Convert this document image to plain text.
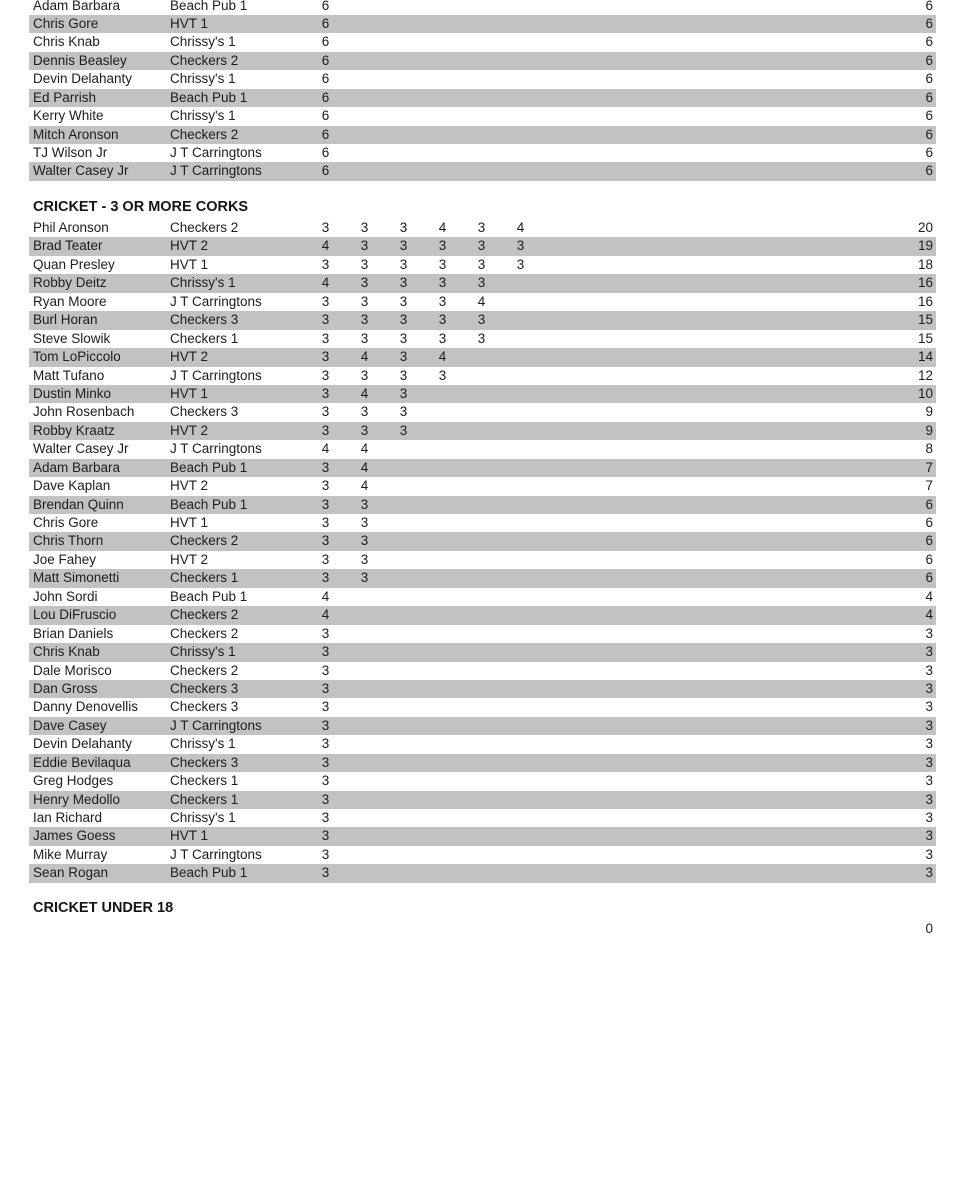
Adam Barbara	Beach Pub 1	6	6
Chris Gore	HVT 1	6	6
Chris Knab	Chrissy's 1	6	6
Dennis Beasley	Checkers 2	6	6
Devin Delahanty	Chrissy's 1	6	6
Ed Parrish	Beach Pub 1	6	6
Kerry White	Chrissy's 1	6	6
Mitch Aronson	Checkers 2	6	6
TJ Wilson Jr	J T Carringtons	6	6
Walter Casey Jr	J T Carringtons	6	6
CRICKET - 3 OR MORE CORKS
Phil Aronson	Checkers 2	3	3	3	4	3	4	20
Brad Teater	HVT 2	4	3	3	3	3	3	19
Quan Presley	HVT 1	3	3	3	3	3	3	18
Robby Deitz	Chrissy's 1	4	3	3	3	3	16
Ryan Moore	J T Carringtons	3	3	3	3	4	16
Burl Horan	Checkers 3	3	3	3	3	3	15
Steve Slowik	Checkers 1	3	3	3	3	3	15
Tom LoPiccolo	HVT 2	3	4	3	4	14
Matt Tufano	J T Carringtons	3	3	3	3	12
Dustin Minko	HVT 1	3	4	3	10
John Rosenbach	Checkers 3	3	3	3	9
Robby Kraatz	HVT 2	3	3	3	9
Walter Casey Jr	J T Carringtons	4	4	8
Adam Barbara	Beach Pub 1	3	4	7
Dave Kaplan	HVT 2	3	4	7
Brendan Quinn	Beach Pub 1	3	3	6
Chris Gore	HVT 1	3	3	6
Chris Thorn	Checkers 2	3	3	6
Joe Fahey	HVT 2	3	3	6
Matt Simonetti	Checkers 1	3	3	6
John Sordi	Beach Pub 1	4	4
Lou DiFruscio	Checkers 2	4	4
Brian Daniels	Checkers 2	3	3
Chris Knab	Chrissy's 1	3	3
Dale Morisco	Checkers 2	3	3
Dan Gross	Checkers 3	3	3
Danny Denovellis Checkers 3	3	3
Dave Casey	J T Carringtons	3	3
Devin Delahanty	Chrissy's 1	3	3
Eddie Bevilaqua	Checkers 3	3	3
Greg Hodges	Checkers 1	3	3
Henry Medollo	Checkers 1	3	3
Ian Richard	Chrissy's 1	3	3
James Goess	HVT 1	3	3
Mike Murray	J T Carringtons	3	3
Sean Rogan	Beach Pub 1	3	3
CRICKET UNDER 18
0
